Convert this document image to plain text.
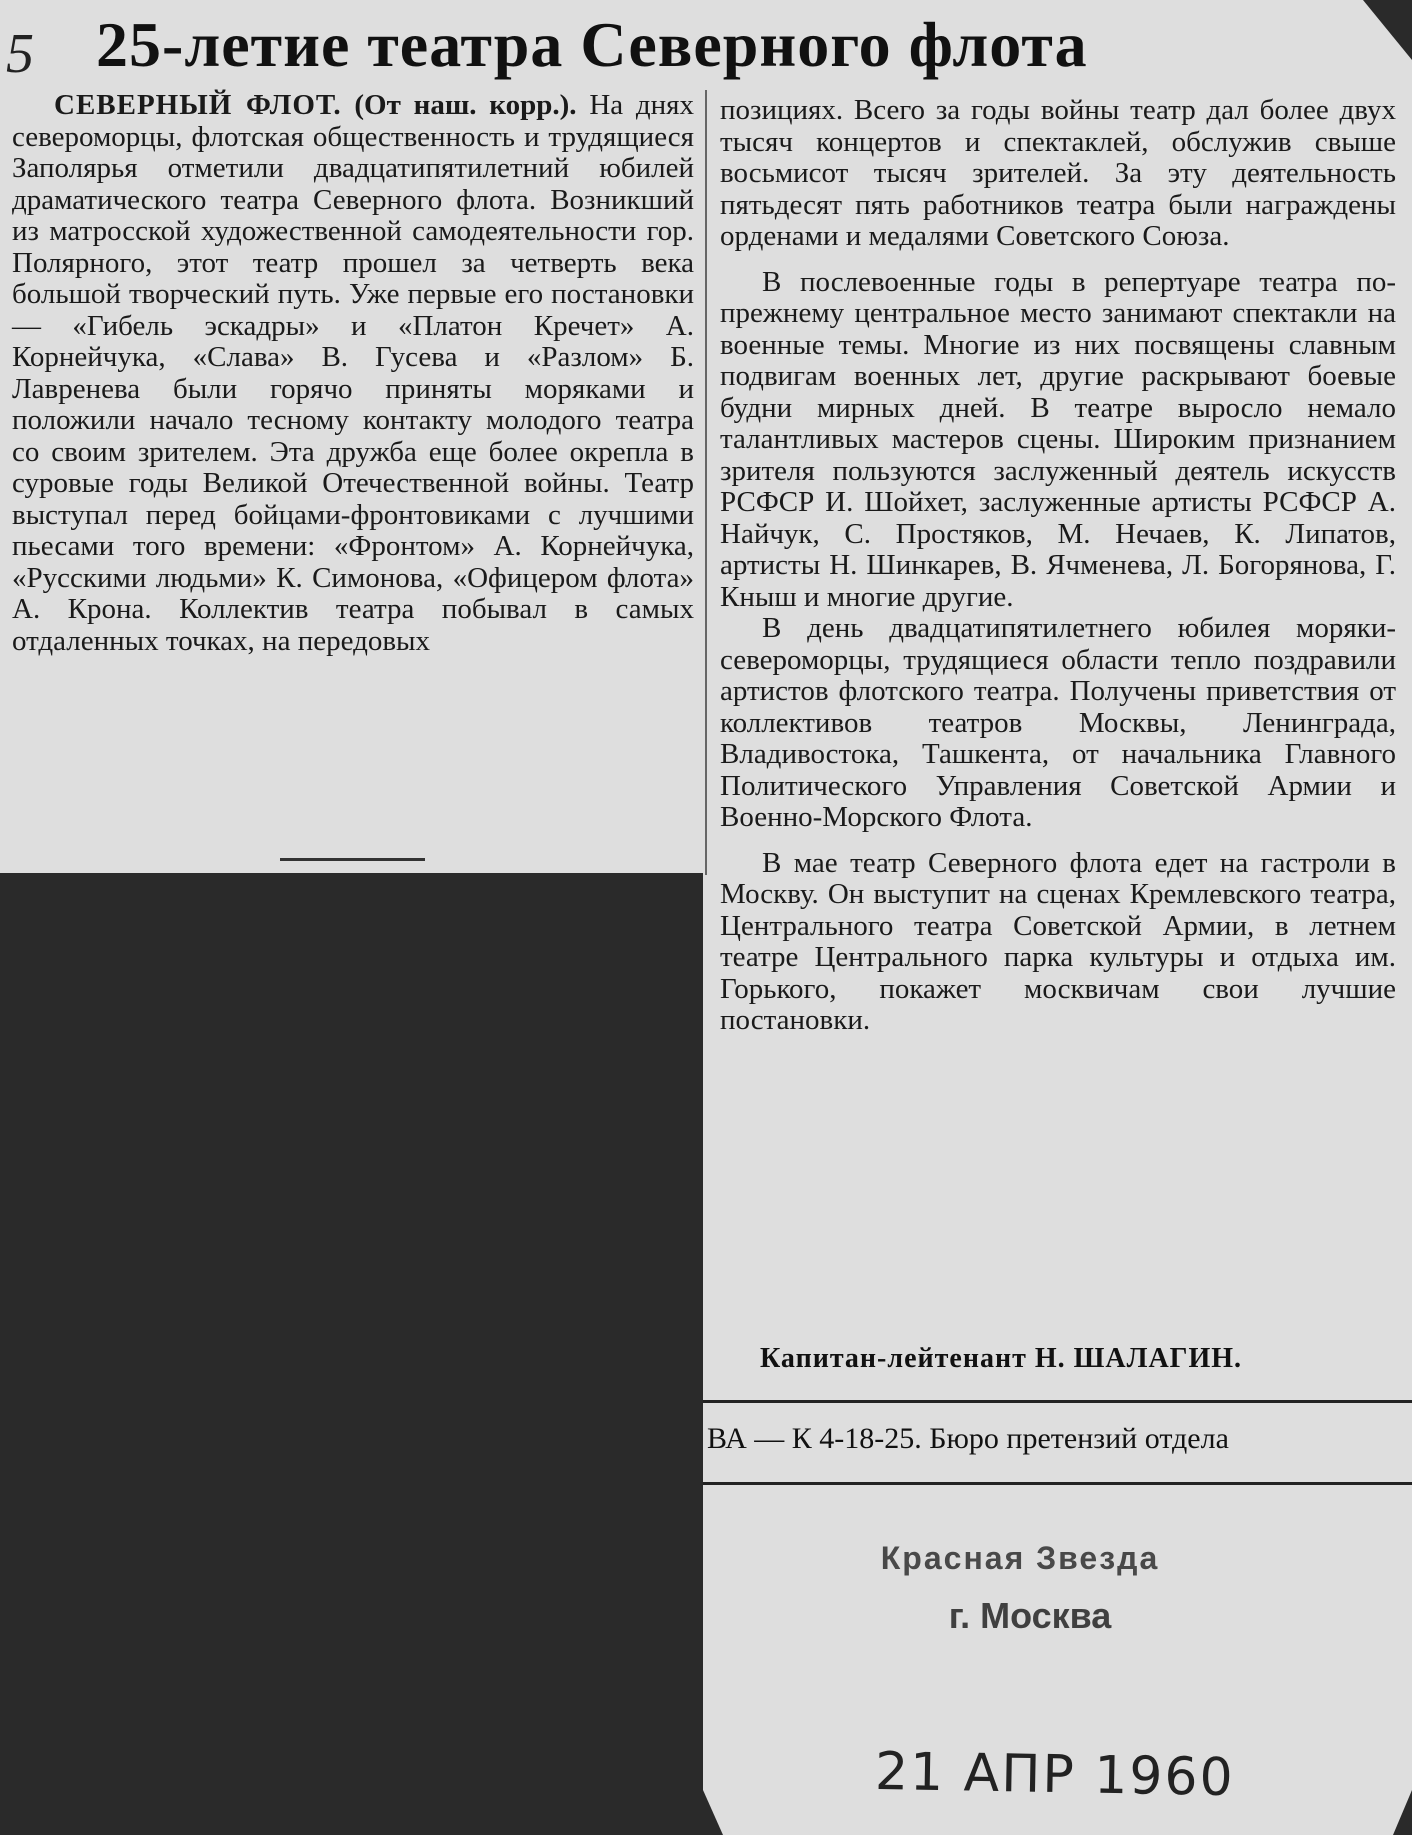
5 25-летие театра Северного флота

СЕВЕРНЫЙ ФЛОТ. (От наш. корр.). На днях североморцы, флотская общественность и трудящиеся Заполярья отметили двадцатипятилетний юбилей драматического театра Северного флота. Возникший из матросской художественной самодеятельности гор. Полярного, этот театр прошел за четверть века большой творческий путь. Уже первые его постановки — «Гибель эскадры» и «Платон Кречет» А. Корнейчука, «Слава» В. Гусева и «Разлом» Б. Лавренева были горячо приняты моряками и положили начало тесному контакту молодого театра со своим зрителем. Эта дружба еще более окрепла в суровые годы Великой Отечественной войны. Театр выступал перед бойцами-фронтовиками с лучшими пьесами того времени: «Фронтом» А. Корнейчука, «Русскими людьми» К. Симонова, «Офицером флота» А. Крона. Коллектив театра побывал в самых отдаленных точках, на передовых

позициях. Всего за годы войны театр дал более двух тысяч концертов и спектаклей, обслужив свыше восьмисот тысяч зрителей. За эту деятельность пятьдесят пять работников театра были награждены орденами и медалями Советского Союза.

В послевоенные годы в репертуаре театра по-прежнему центральное место занимают спектакли на военные темы. Многие из них посвящены славным подвигам военных лет, другие раскрывают боевые будни мирных дней. В театре выросло немало талантливых мастеров сцены. Широким признанием зрителя пользуются заслуженный деятель искусств РСФСР И. Шойхет, заслуженные артисты РСФСР А. Найчук, С. Простяков, М. Нечаев, К. Липатов, артисты Н. Шинкарев, В. Ячменева, Л. Богорянова, Г. Кныш и многие другие.

В день двадцатипятилетнего юбилея моряки-североморцы, трудящиеся области тепло поздравили артистов флотского театра. Получены приветствия от коллективов театров Москвы, Ленинграда, Владивостока, Ташкента, от начальника Главного Политического Управления Советской Армии и Военно-Морского Флота.

В мае театр Северного флота едет на гастроли в Москву. Он выступит на сценах Кремлевского театра, Центрального театра Советской Армии, в летнем театре Центрального парка культуры и отдыха им. Горького, покажет москвичам свои лучшие постановки.

Капитан-лейтенант Н. ШАЛАГИН.
ВА — К 4-18-25. Бюро претензий отдела
Красная Звезда
г. Москва
21 АПР 1960
